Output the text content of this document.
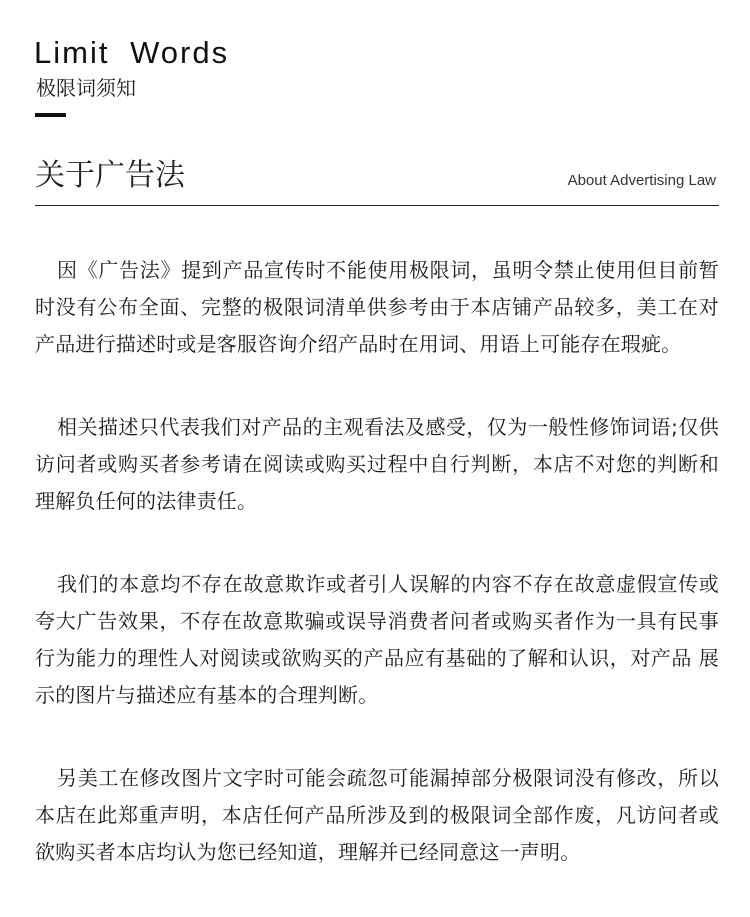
Limit Words
极限词须知
关于广告法	About Advertising Law

因《广告法》提到产品宣传时不能使用极限词，虽明令禁止使用但目前暂时没有公布全面、完整的极限词清单供参考由于本店铺产品较多，美工在对产品进行描述时或是客服咨询介绍产品时在用词、用语上可能存在瑕疵。

相关描述只代表我们对产品的主观看法及感受，仅为一般性修饰词语;仅供访问者或购买者参考请在阅读或购买过程中自行判断，本店不对您的判断和理解负任何的法律责任。

我们的本意均不存在故意欺诈或者引人误解的内容不存在故意虚假宣传或夸大广告效果，不存在故意欺骗或误导消费者问者或购买者作为一具有民事行为能力的理性人对阅读或欲购买的产品应有基础的了解和认识，对产品 展示的图片与描述应有基本的合理判断。

另美工在修改图片文字时可能会疏忽可能漏掉部分极限词没有修改，所以本店在此郑重声明，本店任何产品所涉及到的极限词全部作废，凡访问者或欲购买者本店均认为您已经知道，理解并已经同意这一声明。
